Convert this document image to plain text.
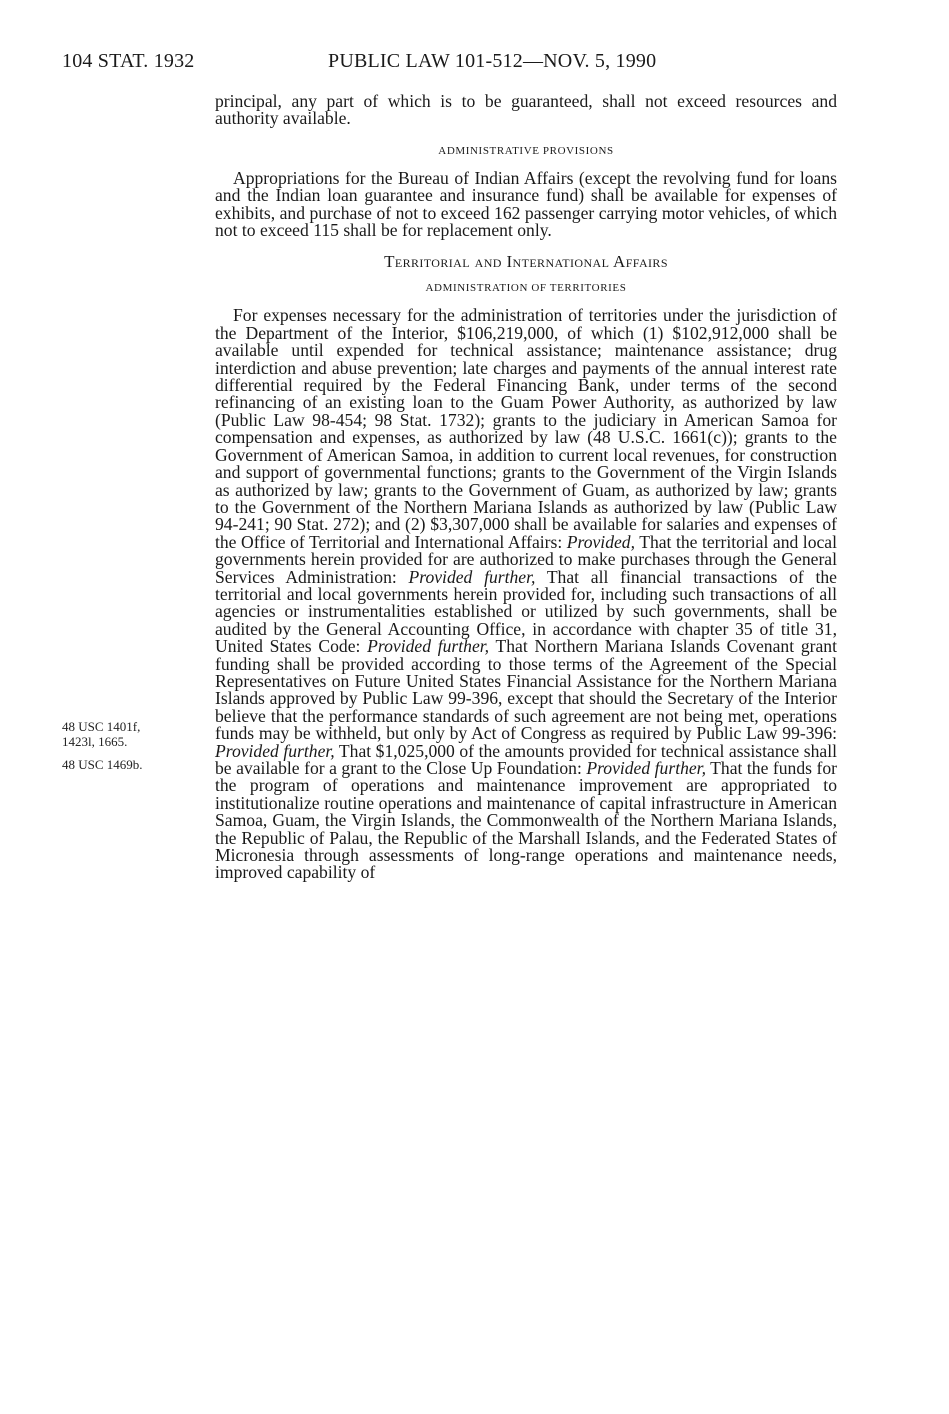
104 STAT. 1932	PUBLIC LAW 101-512—NOV. 5, 1990
48 USC 1401f,
1423l, 1665.
48 USC 1469b.

principal, any part of which is to be guaranteed, shall not exceed resources and authority available.

ADMINISTRATIVE PROVISIONS

Appropriations for the Bureau of Indian Affairs (except the revolving fund for loans and the Indian loan guarantee and insurance fund) shall be available for expenses of exhibits, and purchase of not to exceed 162 passenger carrying motor vehicles, of which not to exceed 115 shall be for replacement only.

Territorial and International Affairs

ADMINISTRATION OF TERRITORIES

For expenses necessary for the administration of territories under the jurisdiction of the Department of the Interior, $106,219,000, of which (1) $102,912,000 shall be available until expended for technical assistance; maintenance assistance; drug interdiction and abuse prevention; late charges and payments of the annual interest rate differential required by the Federal Financing Bank, under terms of the second refinancing of an existing loan to the Guam Power Authority, as authorized by law (Public Law 98-454; 98 Stat. 1732); grants to the judiciary in American Samoa for compensation and expenses, as authorized by law (48 U.S.C. 1661(c)); grants to the Government of American Samoa, in addition to current local revenues, for construction and support of governmental functions; grants to the Government of the Virgin Islands as authorized by law; grants to the Government of Guam, as authorized by law; grants to the Government of the Northern Mariana Islands as authorized by law (Public Law 94-241; 90 Stat. 272); and (2) $3,307,000 shall be available for salaries and expenses of the Office of Territorial and International Affairs: Provided, That the territorial and local governments herein provided for are authorized to make purchases through the General Services Administration: Provided further, That all financial transactions of the territorial and local governments herein provided for, including such transactions of all agencies or instrumentalities established or utilized by such governments, shall be audited by the General Accounting Office, in accordance with chapter 35 of title 31, United States Code: Provided further, That Northern Mariana Islands Covenant grant funding shall be provided according to those terms of the Agreement of the Special Representatives on Future United States Financial Assistance for the Northern Mariana Islands approved by Public Law 99-396, except that should the Secretary of the Interior believe that the performance standards of such agreement are not being met, operations funds may be withheld, but only by Act of Congress as required by Public Law 99-396: Provided further, That $1,025,000 of the amounts provided for technical assistance shall be available for a grant to the Close Up Foundation: Provided further, That the funds for the program of operations and maintenance improvement are appropriated to institutionalize routine operations and maintenance of capital infrastructure in American Samoa, Guam, the Virgin Islands, the Commonwealth of the Northern Mariana Islands, the Republic of Palau, the Republic of the Marshall Islands, and the Federated States of Micronesia through assessments of long-range operations and maintenance needs, improved capability of
